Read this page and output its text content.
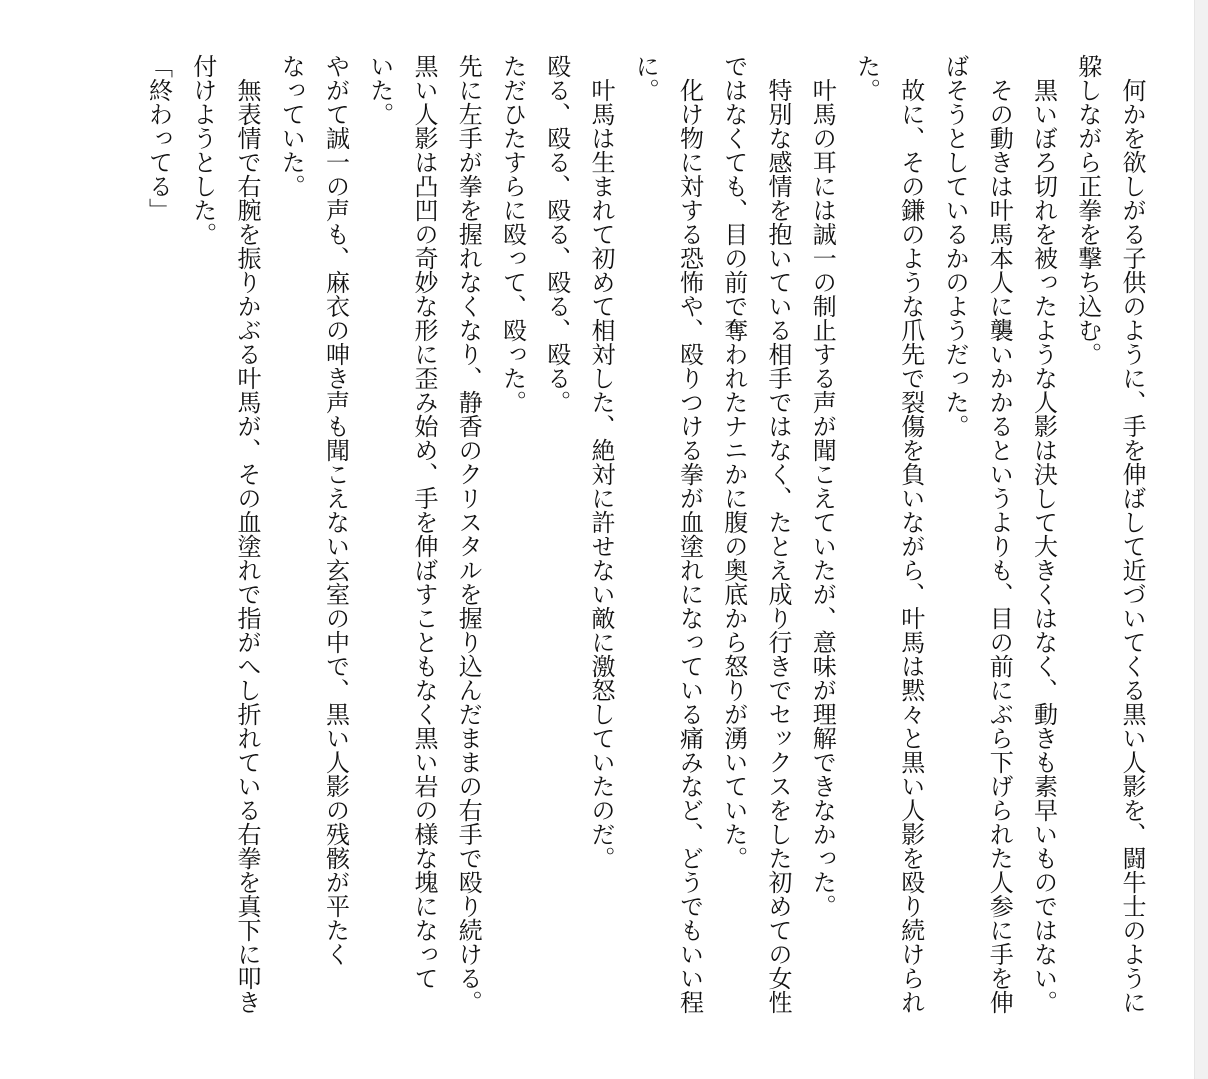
何かを欲しがる子供のように、手を伸ばして近づいてくる黒い人影を、闘牛士のように
躱しながら正拳を撃ち込む。
黒いぼろ切れを被ったような人影は決して大きくはなく、動きも素早いものではない。
その動きは叶馬本人に襲いかかるというよりも、目の前にぶら下げられた人参に手を伸
ばそうとしているかのようだった。
故に、その鎌のような爪先で裂傷を負いながら、叶馬は黙々と黒い人影を殴り続けられ
た。
叶馬の耳には誠一の制止する声が聞こえていたが、意味が理解できなかった。
特別な感情を抱いている相手ではなく、たとえ成り行きでセックスをした初めての女性
ではなくても、目の前で奪われたナニかに腹の奥底から怒りが湧いていた。
化け物に対する恐怖や、殴りつける拳が血塗れになっている痛みなど、どうでもいい程
に。
叶馬は生まれて初めて相対した、絶対に許せない敵に激怒していたのだ。
殴る、殴る、殴る、殴る、殴る。
ただひたすらに殴って、殴った。
先に左手が拳を握れなくなり、静香のクリスタルを握り込んだままの右手で殴り続ける。
黒い人影は凸凹の奇妙な形に歪み始め、手を伸ばすこともなく黒い岩の様な塊になって
いた。
やがて誠一の声も、麻衣の呻き声も聞こえない玄室の中で、黒い人影の残骸が平たく
なっていた。
無表情で右腕を振りかぶる叶馬が、その血塗れで指がへし折れている右拳を真下に叩き
付けようとした。
「終わってる」
